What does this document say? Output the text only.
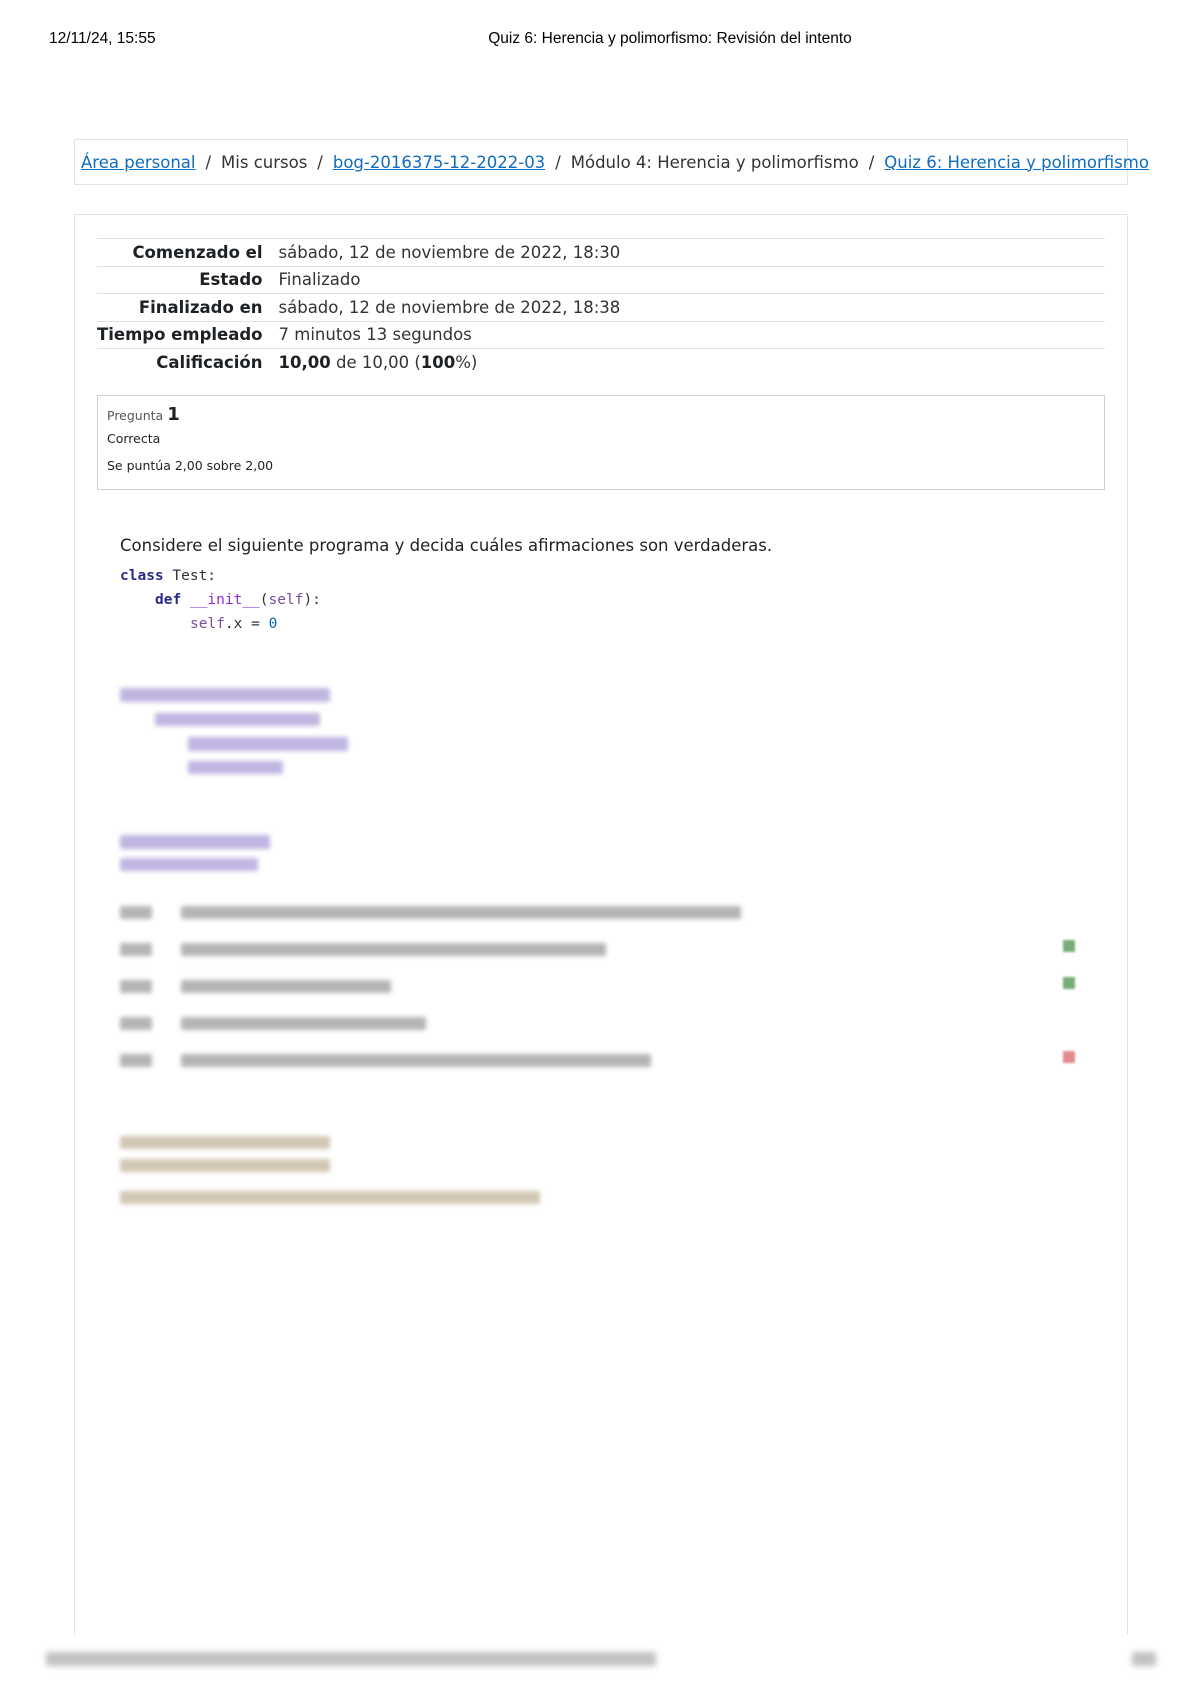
12/11/24, 15:55	Quiz 6: Herencia y polimorfismo: Revisión del intento
Área personal / Mis cursos / bog-2016375-12-2022-03 / Módulo 4: Herencia y polimorfismo / Quiz 6: Herencia y polimorfismo
Comenzado el	sábado, 12 de noviembre de 2022, 18:30
Estado	Finalizado
Finalizado en	sábado, 12 de noviembre de 2022, 18:38
Tiempo empleado	7 minutos 13 segundos
Calificación	10,00 de 10,00 (100%)
Pregunta 1
Correcta
Se puntúa 2,00 sobre 2,00
Considere el siguiente programa y decida cuáles afirmaciones son verdaderas.
class Test:
def __init__(self):
self.x = 0
